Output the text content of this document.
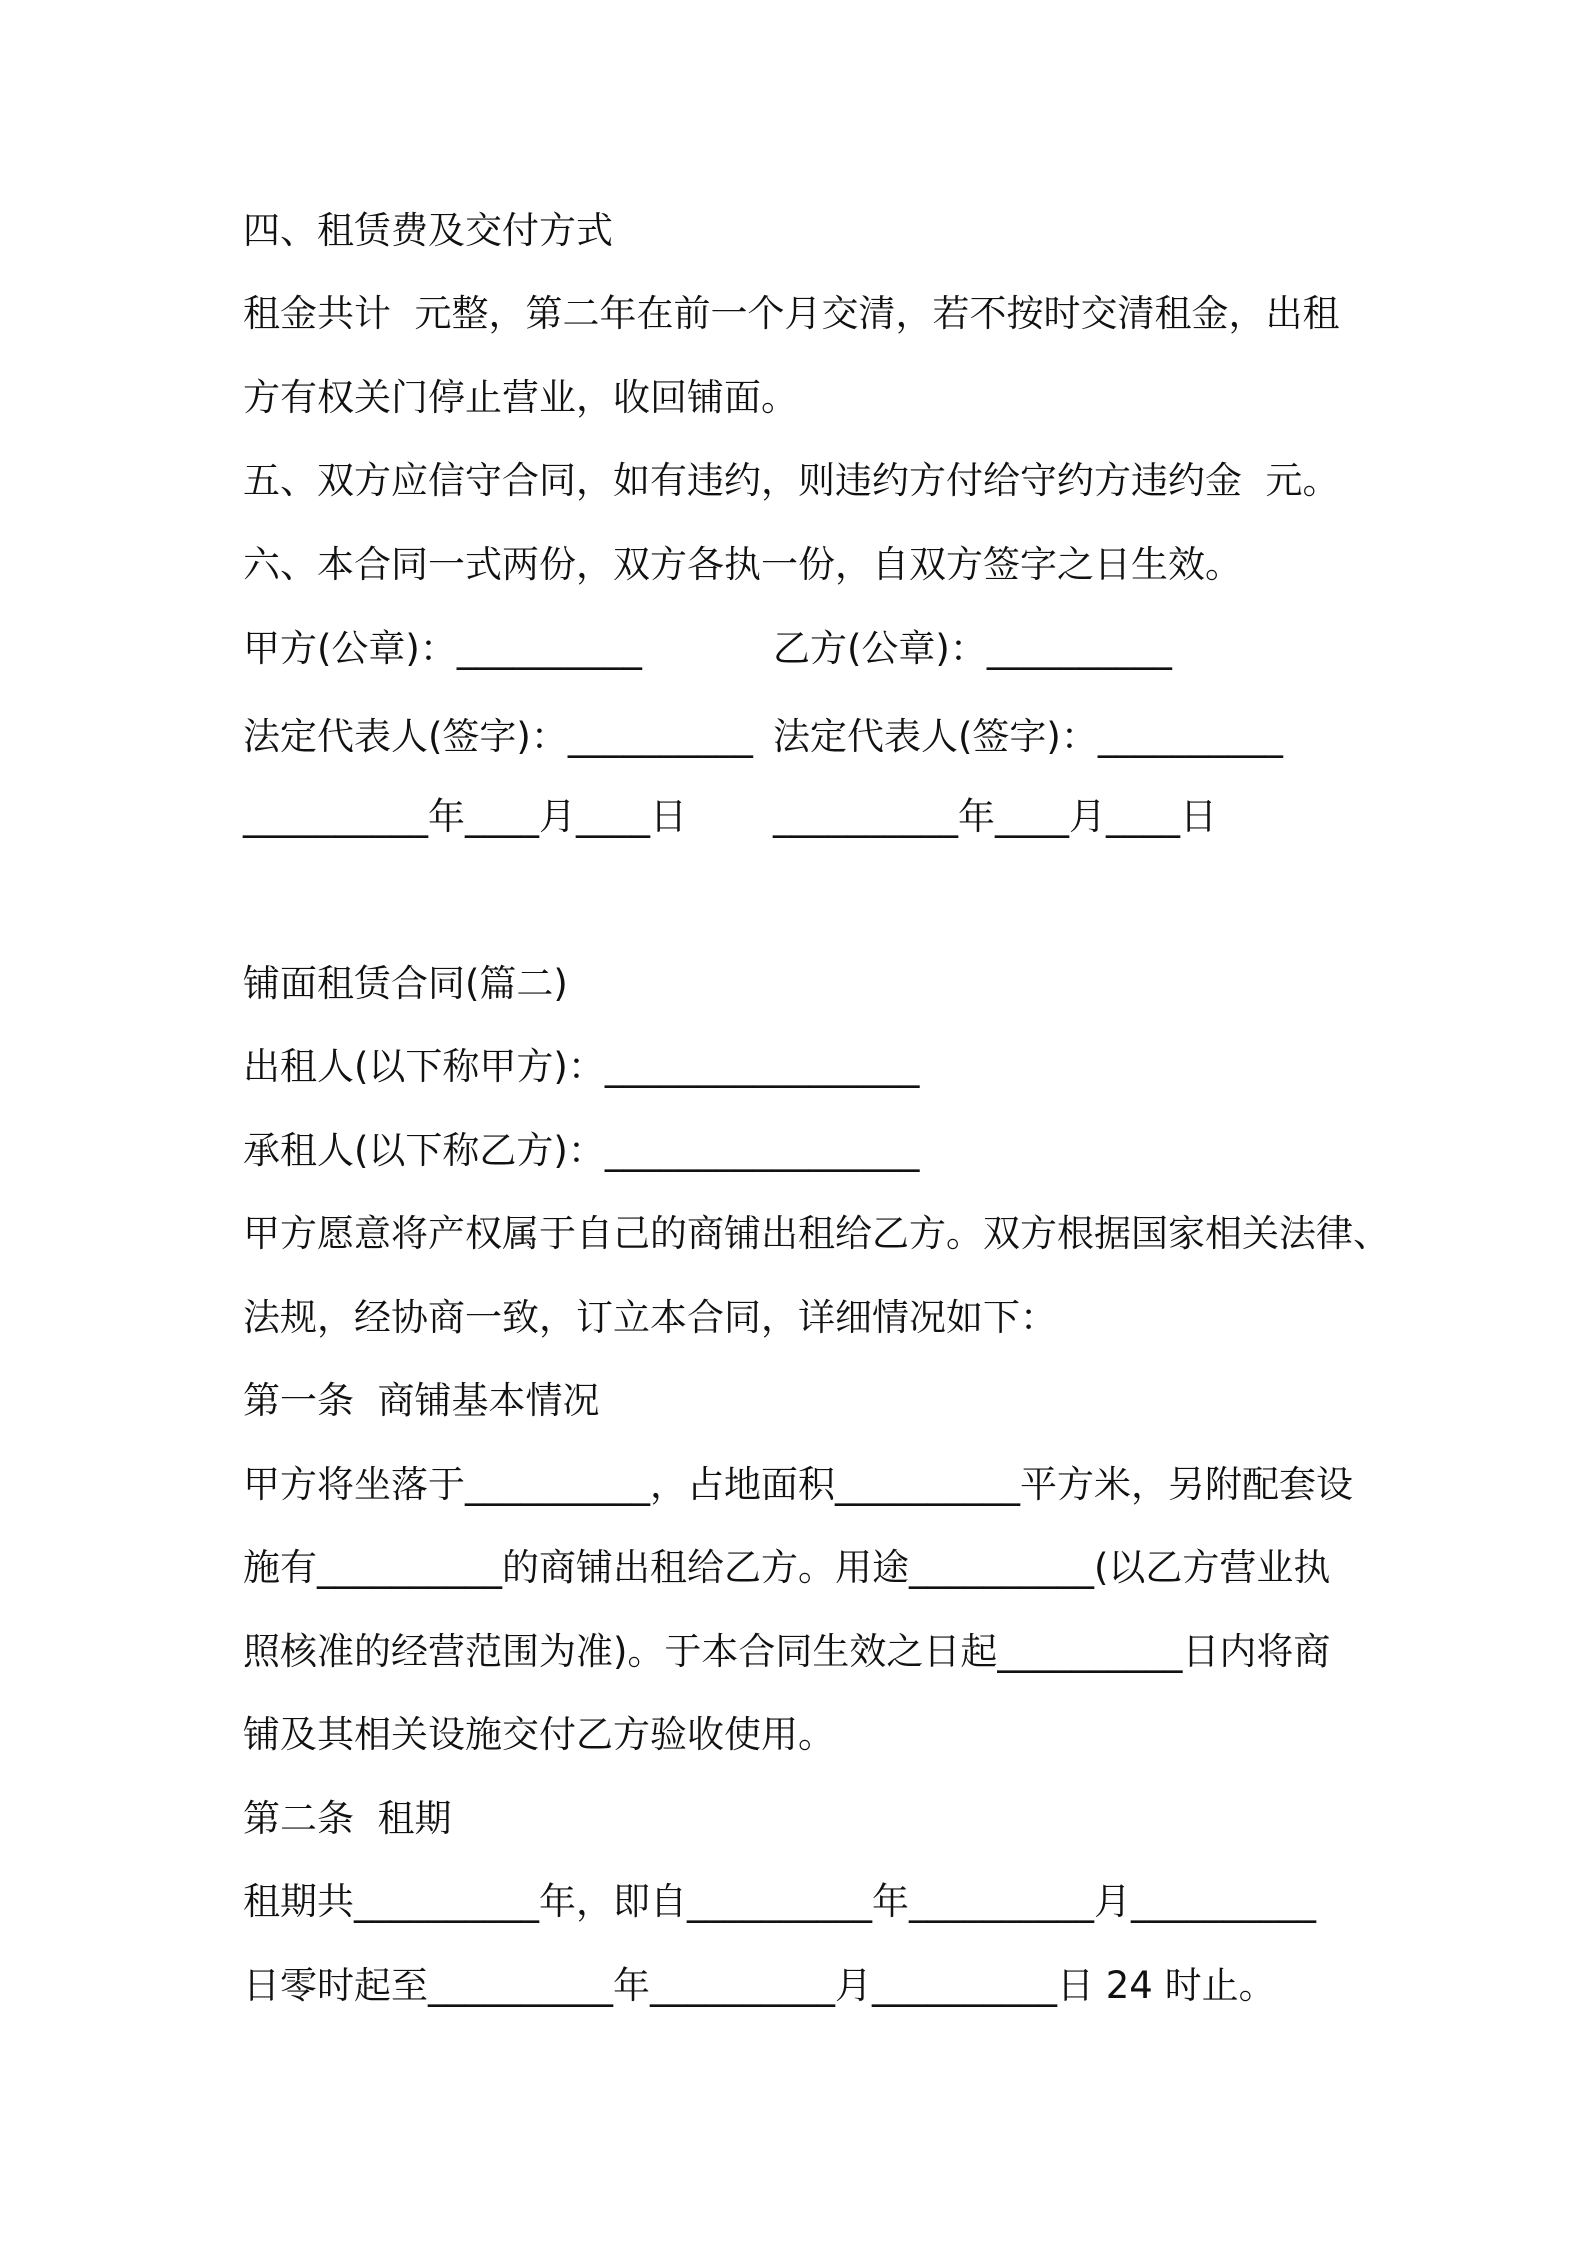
四、租赁费及交付方式

租金共计  元整，第二年在前一个月交清，若不按时交清租金，出租

方有权关门停止营业，收回铺面。

五、双方应信守合同，如有违约，则违约方付给守约方违约金  元。

六、本合同一式两份，双方各执一份，自双方签字之日生效。

甲方(公章)：__________	乙方(公章)：__________

法定代表人(签字)：__________ 法定代表人(签字)：__________

__________年____月____日 __________年____月____日

铺面租赁合同(篇二)

出租人(以下称甲方)：_________________

承租人(以下称乙方)：_________________

甲方愿意将产权属于自己的商铺出租给乙方。双方根据国家相关法律、

法规，经协商一致，订立本合同，详细情况如下：

第一条  商铺基本情况

甲方将坐落于__________，占地面积__________平方米，另附配套设

施有__________的商铺出租给乙方。用途__________(以乙方营业执

照核准的经营范围为准)。于本合同生效之日起__________日内将商

铺及其相关设施交付乙方验收使用。

第二条  租期

租期共__________年，即自__________年__________月__________

日零时起至__________年__________月__________日 24 时止。
